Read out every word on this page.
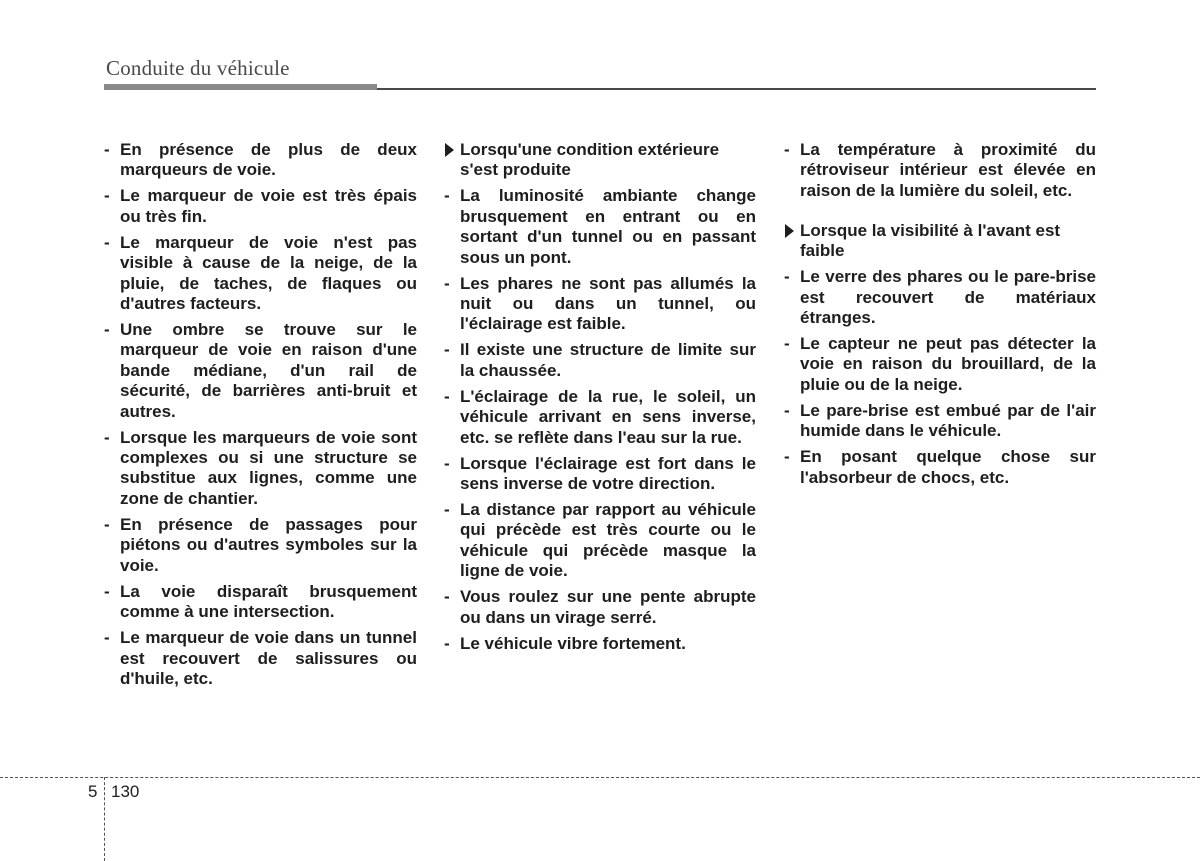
Conduite du véhicule
- En présence de plus de deux marqueurs de voie.
- Le marqueur de voie est très épais ou très fin.
- Le marqueur de voie n'est pas visible à cause de la neige, de la pluie, de taches, de flaques ou d'autres facteurs.
- Une ombre se trouve sur le marqueur de voie en raison d'une bande médiane, d'un rail de sécurité, de barrières anti-bruit et autres.
- Lorsque les marqueurs de voie sont complexes ou si une structure se substitue aux lignes, comme une zone de chantier.
- En présence de passages pour piétons ou d'autres symboles sur la voie.
- La voie disparaît brusquement comme à une intersection.
- Le marqueur de voie dans un tunnel est recouvert de salissures ou d'huile, etc.
Lorsqu'une condition extérieure s'est produite
- La luminosité ambiante change brusquement en entrant ou en sortant d'un tunnel ou en passant sous un pont.
- Les phares ne sont pas allumés la nuit ou dans un tunnel, ou l'éclairage est faible.
- Il existe une structure de limite sur la chaussée.
- L'éclairage de la rue, le soleil, un véhicule arrivant en sens inverse, etc. se reflète dans l'eau sur la rue.
- Lorsque l'éclairage est fort dans le sens inverse de votre direction.
- La distance par rapport au véhicule qui précède est très courte ou le véhicule qui précède masque la ligne de voie.
- Vous roulez sur une pente abrupte ou dans un virage serré.
- Le véhicule vibre fortement.
- La température à proximité du rétroviseur intérieur est élevée en raison de la lumière du soleil, etc.
Lorsque la visibilité à l'avant est faible
- Le verre des phares ou le pare-brise est recouvert de matériaux étranges.
- Le capteur ne peut pas détecter la voie en raison du brouillard, de la pluie ou de la neige.
- Le pare-brise est embué par de l'air humide dans le véhicule.
- En posant quelque chose sur l'absorbeur de chocs, etc.
5 130
